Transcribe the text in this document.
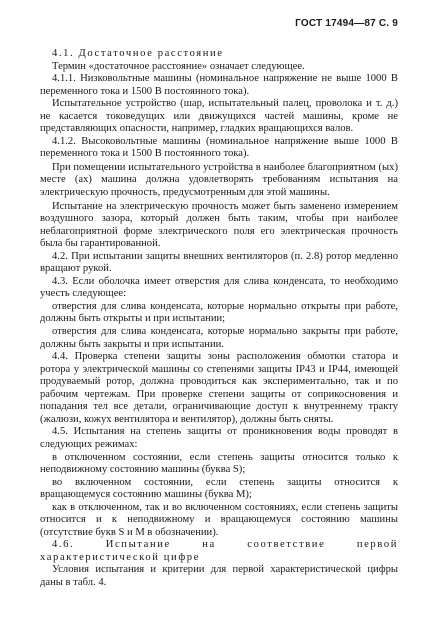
ГОСТ 17494—87 С. 9

4.1. Достаточное расстояние

Термин «достаточное расстояние» означает следующее.

4.1.1. Низковольтные машины (номинальное напряжение не выше 1000 В переменного тока и 1500 В постоянного тока).

Испытательное устройство (шар, испытательный палец, проволока и т. д.) не касается токоведущих или движущихся частей машины, кроме не представляющих опасности, например, гладких вращающихся валов.

4.1.2. Высоковольтные машины (номинальное напряжение выше 1000 В переменного тока и 1500 В постоянного тока).

При помещении испытательного устройства в наиболее благоприятном (ых) месте (ах) машина должна удовлетворять требованиям испытания на электрическую прочность, предусмотренным для этой машины.

Испытание на электрическую прочность может быть заменено измерением воздушного зазора, который должен быть таким, чтобы при наиболее неблагоприятной форме электрического поля его электрическая прочность была бы гарантированной.

4.2. При испытании защиты внешних вентиляторов (п. 2.8) ротор медленно вращают рукой.

4.3. Если оболочка имеет отверстия для слива конденсата, то необходимо учесть следующее:

отверстия для слива конденсата, которые нормально открыты при работе, должны быть открыты и при испытании;

отверстия для слива конденсата, которые нормально закрыты при работе, должны быть закрыты и при испытании.

4.4. Проверка степени защиты зоны расположения обмотки статора и ротора у электрической машины со степенями защиты IP43 и IP44, имеющей продуваемый ротор, должна проводиться как экспериментально, так и по рабочим чертежам. При проверке степени защиты от соприкосновения и попадания тел все детали, ограничивающие доступ к внутреннему тракту (жалюзи, кожух вентилятора и вентилятор), должны быть сняты.

4.5. Испытания на степень защиты от проникновения воды проводят в следующих режимах:

в отключенном состоянии, если степень защиты относится только к неподвижному состоянию машины (буква S);

во включенном состоянии, если степень защиты относится к вращающемуся состоянию машины (буква М);

как в отключенном, так и во включенном состояниях, если степень защиты относится и к неподвижному и вращающемуся состоянию машины (отсутствие букв S и M в обозначении).

4.6. Испытание на соответствие первой характеристической цифре

Условия испытания и критерии для первой характеристической цифры даны в табл. 4.
